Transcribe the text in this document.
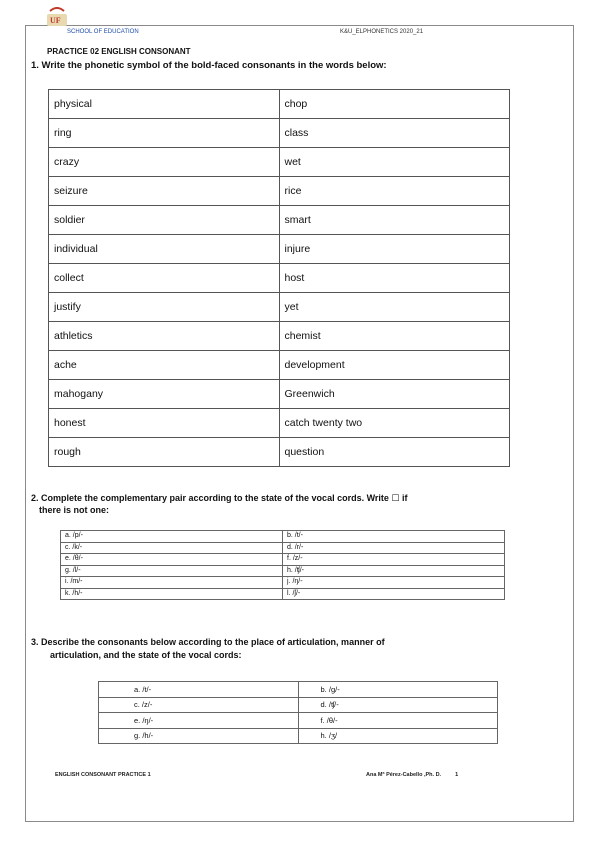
UF
SCHOOL OF EDUCATION	K&U_ELPHONETICS 2020_21
PRACTICE 02 ENGLISH CONSONANT
1. Write the phonetic symbol of the bold-faced consonants in the words below:
physical	chop
ring	class
crazy	wet
seizure	rice
soldier	smart
individual	injure
collect	host
justify	yet
athletics	chemist
ache	development
mahogany	Greenwich
honest	catch twenty two
rough	question
2. Complete the complementary pair according to the state of the vocal cords. Write ☐ if
there is not one:
a. /p/-	b. /t/-
c. /k/-	d. /r/-
e. /θ/-	f. /z/-
g. /l/-	h. /ʧ/-
i. /m/-	j. /ŋ/-
k. /h/-	l. /ʃ/-
3. Describe the consonants below according to the place of articulation, manner of
articulation, and the state of the vocal cords:
a. /t/-	b. /g/-
c. /z/-	d. /ʧ/-
e. /ŋ/-	f. /θ/-
g. /h/-	h. /ʒ/
ENGLISH CONSONANT PRACTICE 1	Ana Mª Pérez-Cabello ,Ph. D.	1
